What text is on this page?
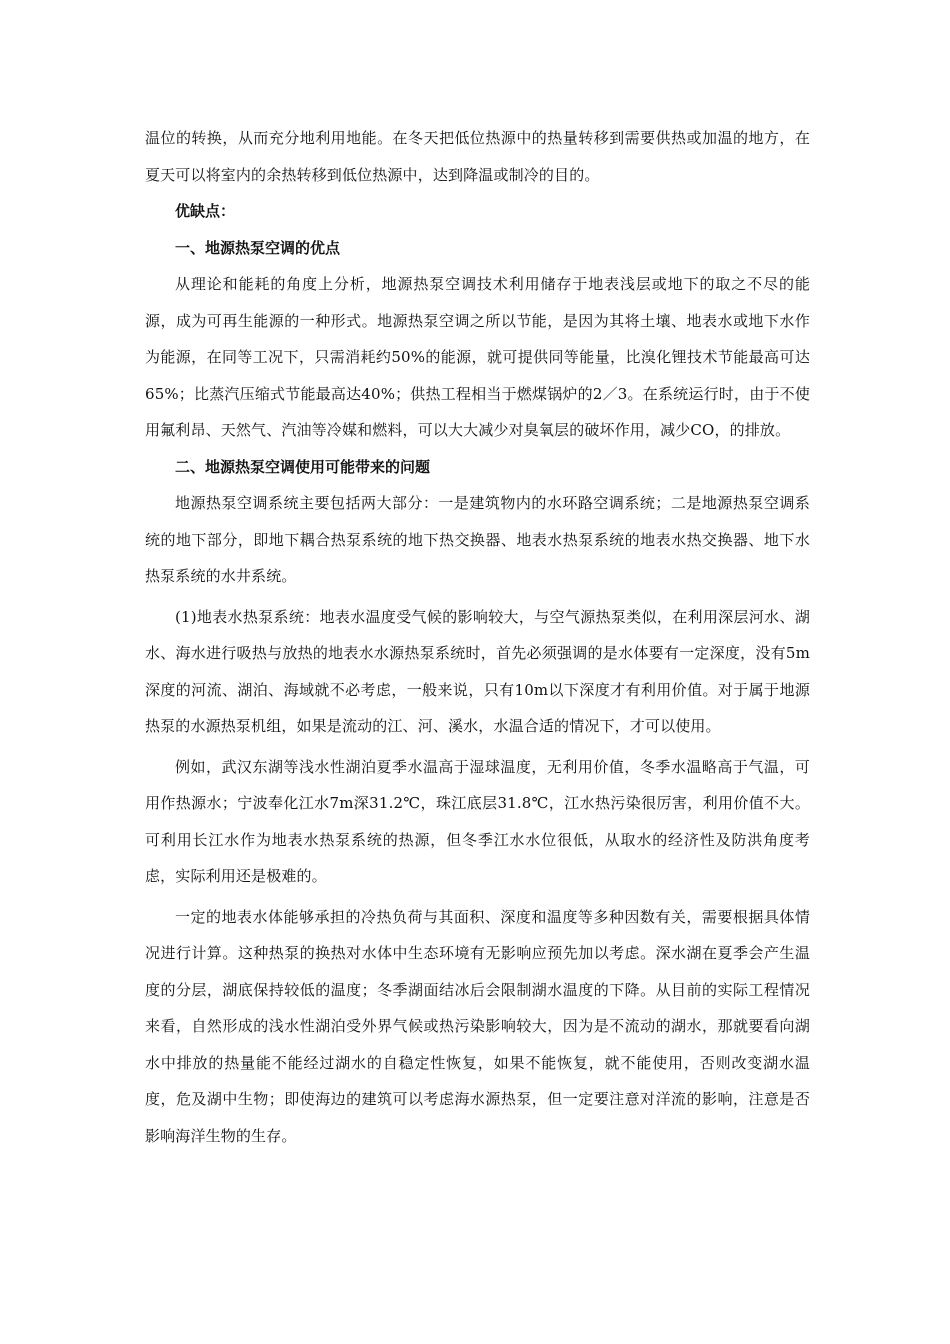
温位的转换，从而充分地利用地能。在冬天把低位热源中的热量转移到需要供热或加温的地方，在夏天可以将室内的余热转移到低位热源中，达到降温或制冷的目的。

优缺点：

一、地源热泵空调的优点

从理论和能耗的角度上分析，地源热泵空调技术利用储存于地表浅层或地下的取之不尽的能源，成为可再生能源的一种形式。地源热泵空调之所以节能，是因为其将土壤、地表水或地下水作为能源，在同等工况下，只需消耗约50%的能源，就可提供同等能量，比溴化锂技术节能最高可达65%；比蒸汽压缩式节能最高达40%；供热工程相当于燃煤锅炉的2／3。在系统运行时，由于不使用氟利昂、天然气、汽油等冷媒和燃料，可以大大减少对臭氧层的破坏作用，减少CO，的排放。

二、地源热泵空调使用可能带来的问题

地源热泵空调系统主要包括两大部分：一是建筑物内的水环路空调系统；二是地源热泵空调系统的地下部分，即地下耦合热泵系统的地下热交换器、地表水热泵系统的地表水热交换器、地下水热泵系统的水井系统。

(1)地表水热泵系统：地表水温度受气候的影响较大，与空气源热泵类似，在利用深层河水、湖水、海水进行吸热与放热的地表水水源热泵系统时，首先必须强调的是水体要有一定深度，没有5m深度的河流、湖泊、海域就不必考虑，一般来说，只有10m以下深度才有利用价值。对于属于地源热泵的水源热泵机组，如果是流动的江、河、溪水，水温合适的情况下，才可以使用。

例如，武汉东湖等浅水性湖泊夏季水温高于湿球温度，无利用价值，冬季水温略高于气温，可用作热源水；宁波奉化江水7m深31.2℃，珠江底层31.8℃，江水热污染很厉害，利用价值不大。可利用长江水作为地表水热泵系统的热源，但冬季江水水位很低，从取水的经济性及防洪角度考虑，实际利用还是极难的。

一定的地表水体能够承担的冷热负荷与其面积、深度和温度等多种因数有关，需要根据具体情况进行计算。这种热泵的换热对水体中生态环境有无影响应预先加以考虑。深水湖在夏季会产生温度的分层，湖底保持较低的温度；冬季湖面结冰后会限制湖水温度的下降。从目前的实际工程情况来看，自然形成的浅水性湖泊受外界气候或热污染影响较大，因为是不流动的湖水，那就要看向湖水中排放的热量能不能经过湖水的自稳定性恢复，如果不能恢复，就不能使用，否则改变湖水温度，危及湖中生物；即使海边的建筑可以考虑海水源热泵，但一定要注意对洋流的影响，注意是否影响海洋生物的生存。
